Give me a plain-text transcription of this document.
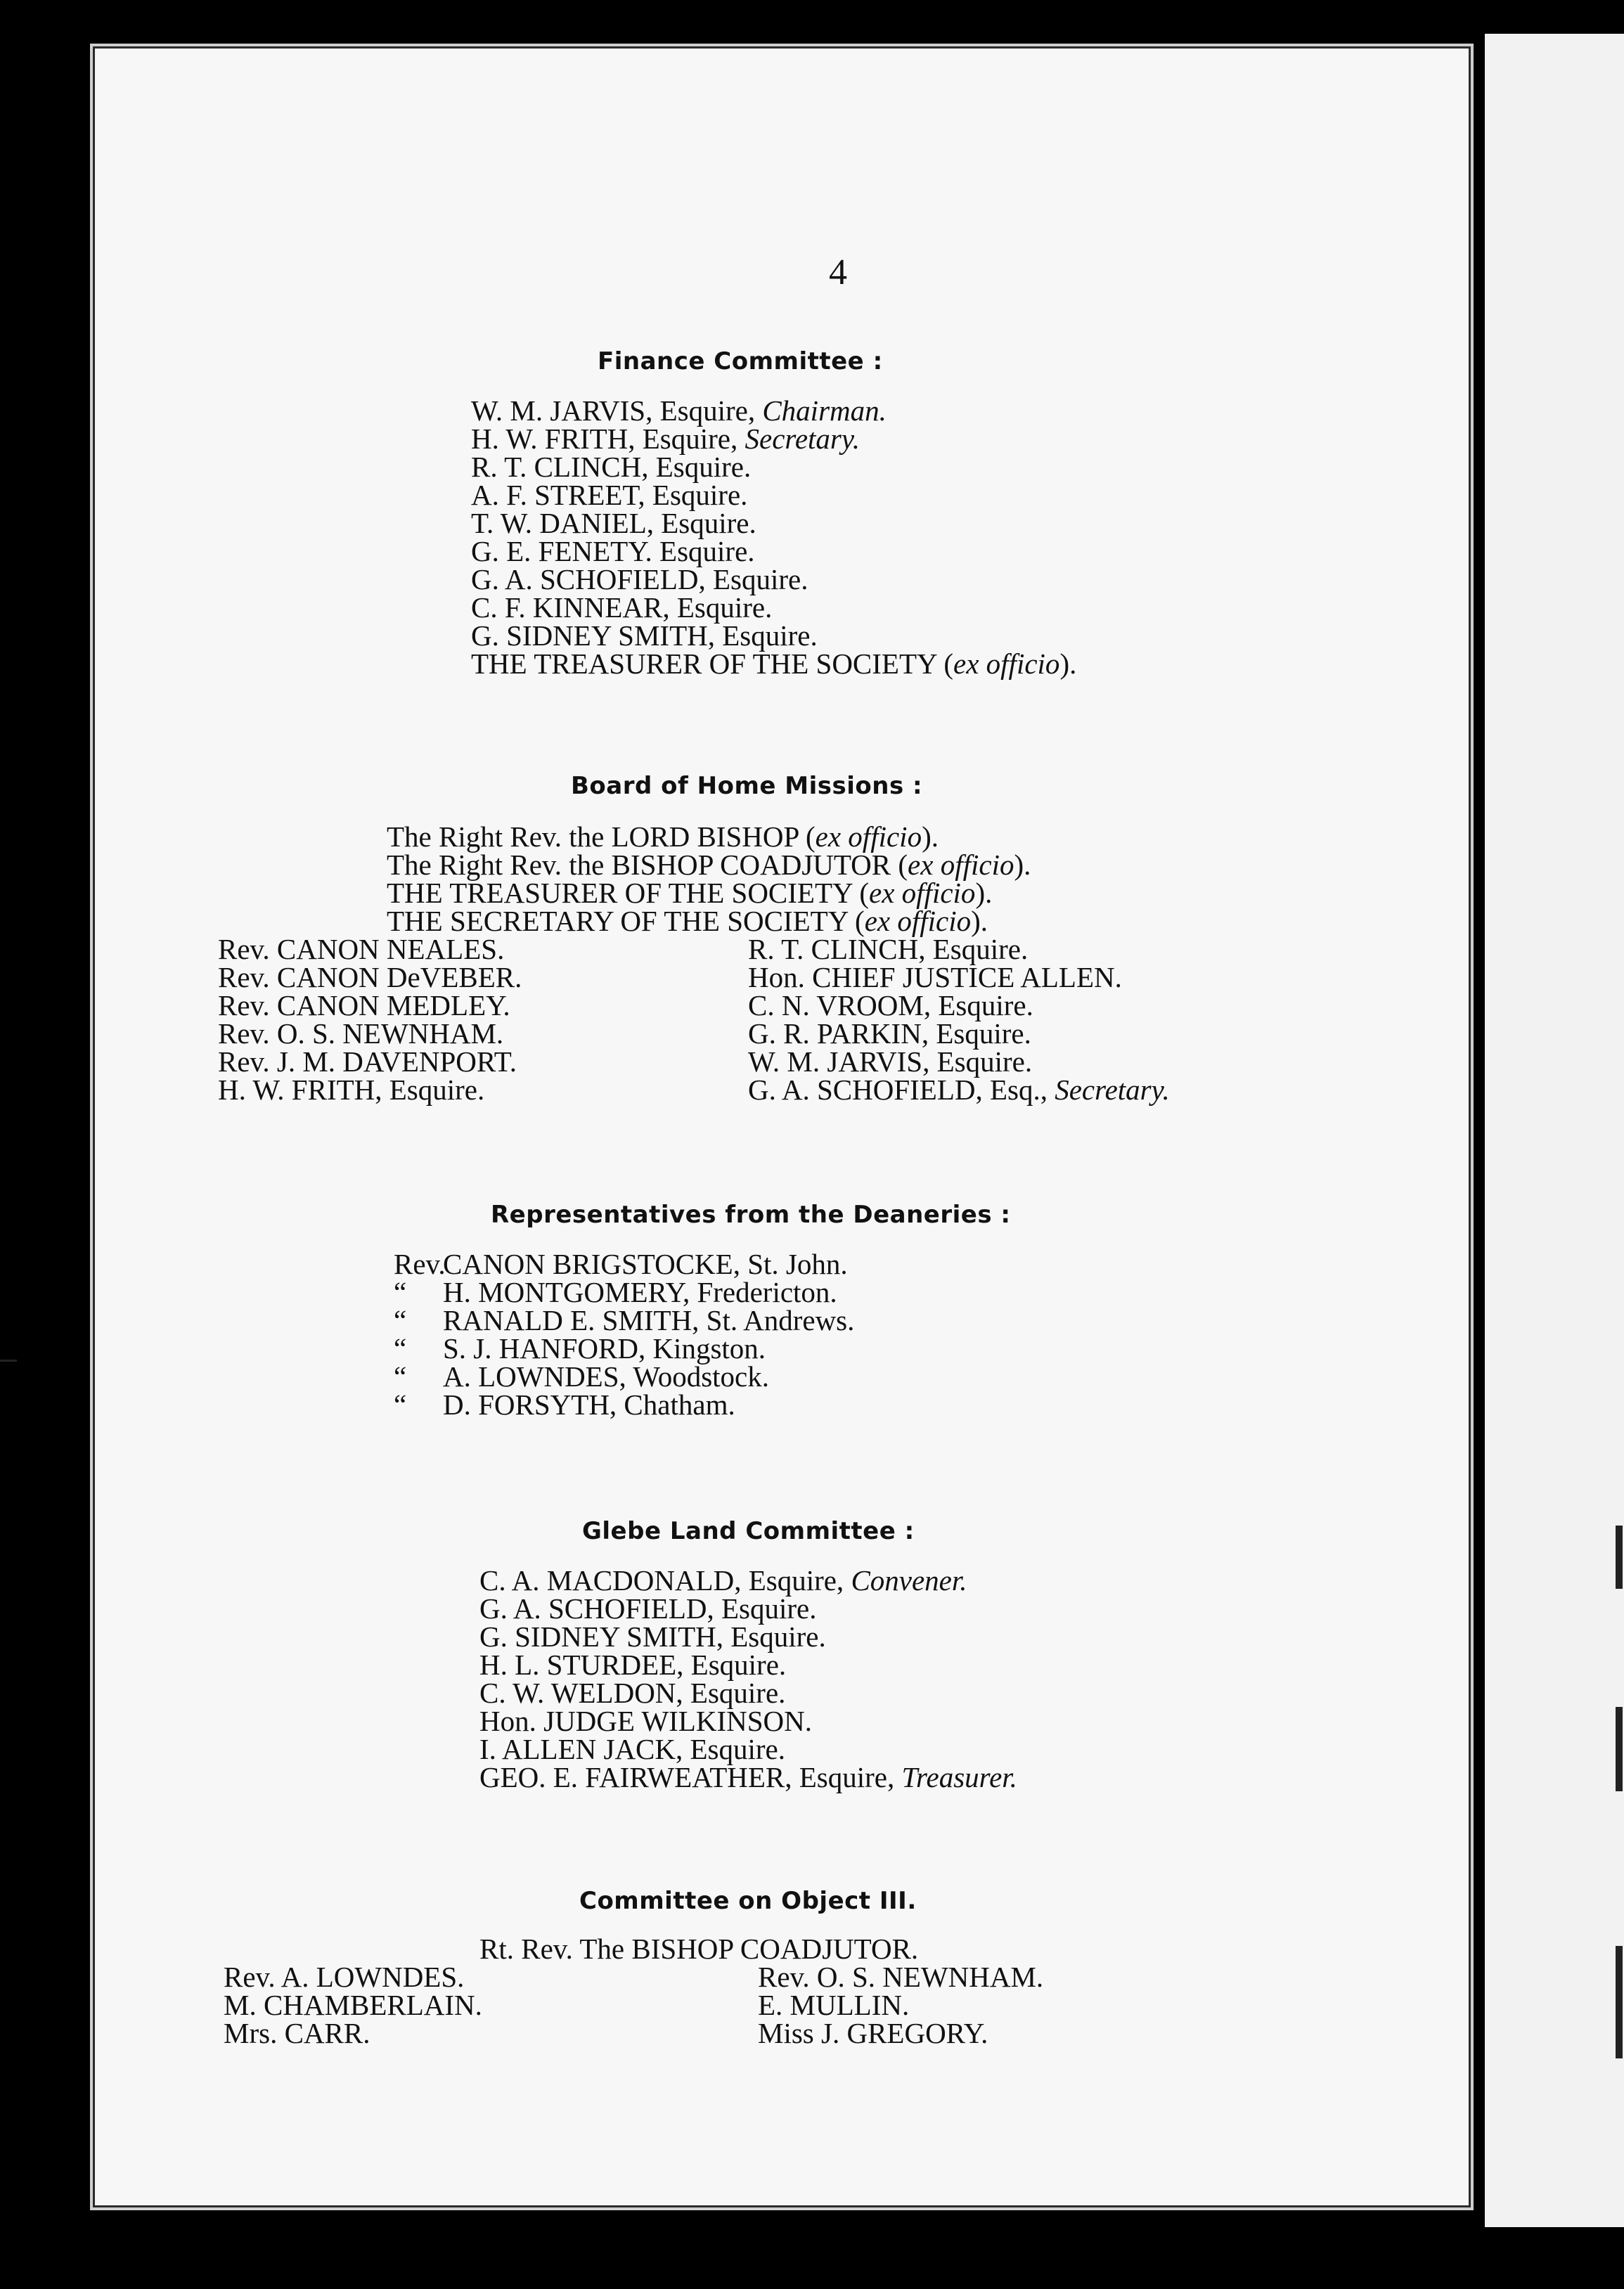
4
Finance Committee :
W. M. JARVIS, Esquire, Chairman.
H. W. FRITH, Esquire, Secretary.
R. T. CLINCH, Esquire.
A. F. STREET, Esquire.
T. W. DANIEL, Esquire.
G. E. FENETY. Esquire.
G. A. SCHOFIELD, Esquire.
C. F. KINNEAR, Esquire.
G. SIDNEY SMITH, Esquire.
THE TREASURER OF THE SOCIETY (ex officio).
Board of Home Missions :
The Right Rev. the LORD BISHOP (ex officio).
The Right Rev. the BISHOP COADJUTOR (ex officio).
THE TREASURER OF THE SOCIETY (ex officio).
THE SECRETARY OF THE SOCIETY (ex officio).
Rev. CANON NEALES.
Rev. CANON DeVEBER.
Rev. CANON MEDLEY.
Rev. O. S. NEWNHAM.
Rev. J. M. DAVENPORT.
H. W. FRITH, Esquire.
R. T. CLINCH, Esquire.
Hon. CHIEF JUSTICE ALLEN.
C. N. VROOM, Esquire.
G. R. PARKIN, Esquire.
W. M. JARVIS, Esquire.
G. A. SCHOFIELD, Esq., Secretary.
Representatives from the Deaneries :
Rev.CANON BRIGSTOCKE, St. John.
“ H. MONTGOMERY, Fredericton.
“ RANALD E. SMITH, St. Andrews.
“ S. J. HANFORD, Kingston.
“ A. LOWNDES, Woodstock.
“ D. FORSYTH, Chatham.
Glebe Land Committee :
C. A. MACDONALD, Esquire, Convener.
G. A. SCHOFIELD, Esquire.
G. SIDNEY SMITH, Esquire.
H. L. STURDEE, Esquire.
C. W. WELDON, Esquire.
Hon. JUDGE WILKINSON.
I. ALLEN JACK, Esquire.
GEO. E. FAIRWEATHER, Esquire, Treasurer.
Committee on Object III.
Rt. Rev. The BISHOP COADJUTOR.
Rev. A. LOWNDES.
M. CHAMBERLAIN.
Mrs. CARR.
Rev. O. S. NEWNHAM.
E. MULLIN.
Miss J. GREGORY.
